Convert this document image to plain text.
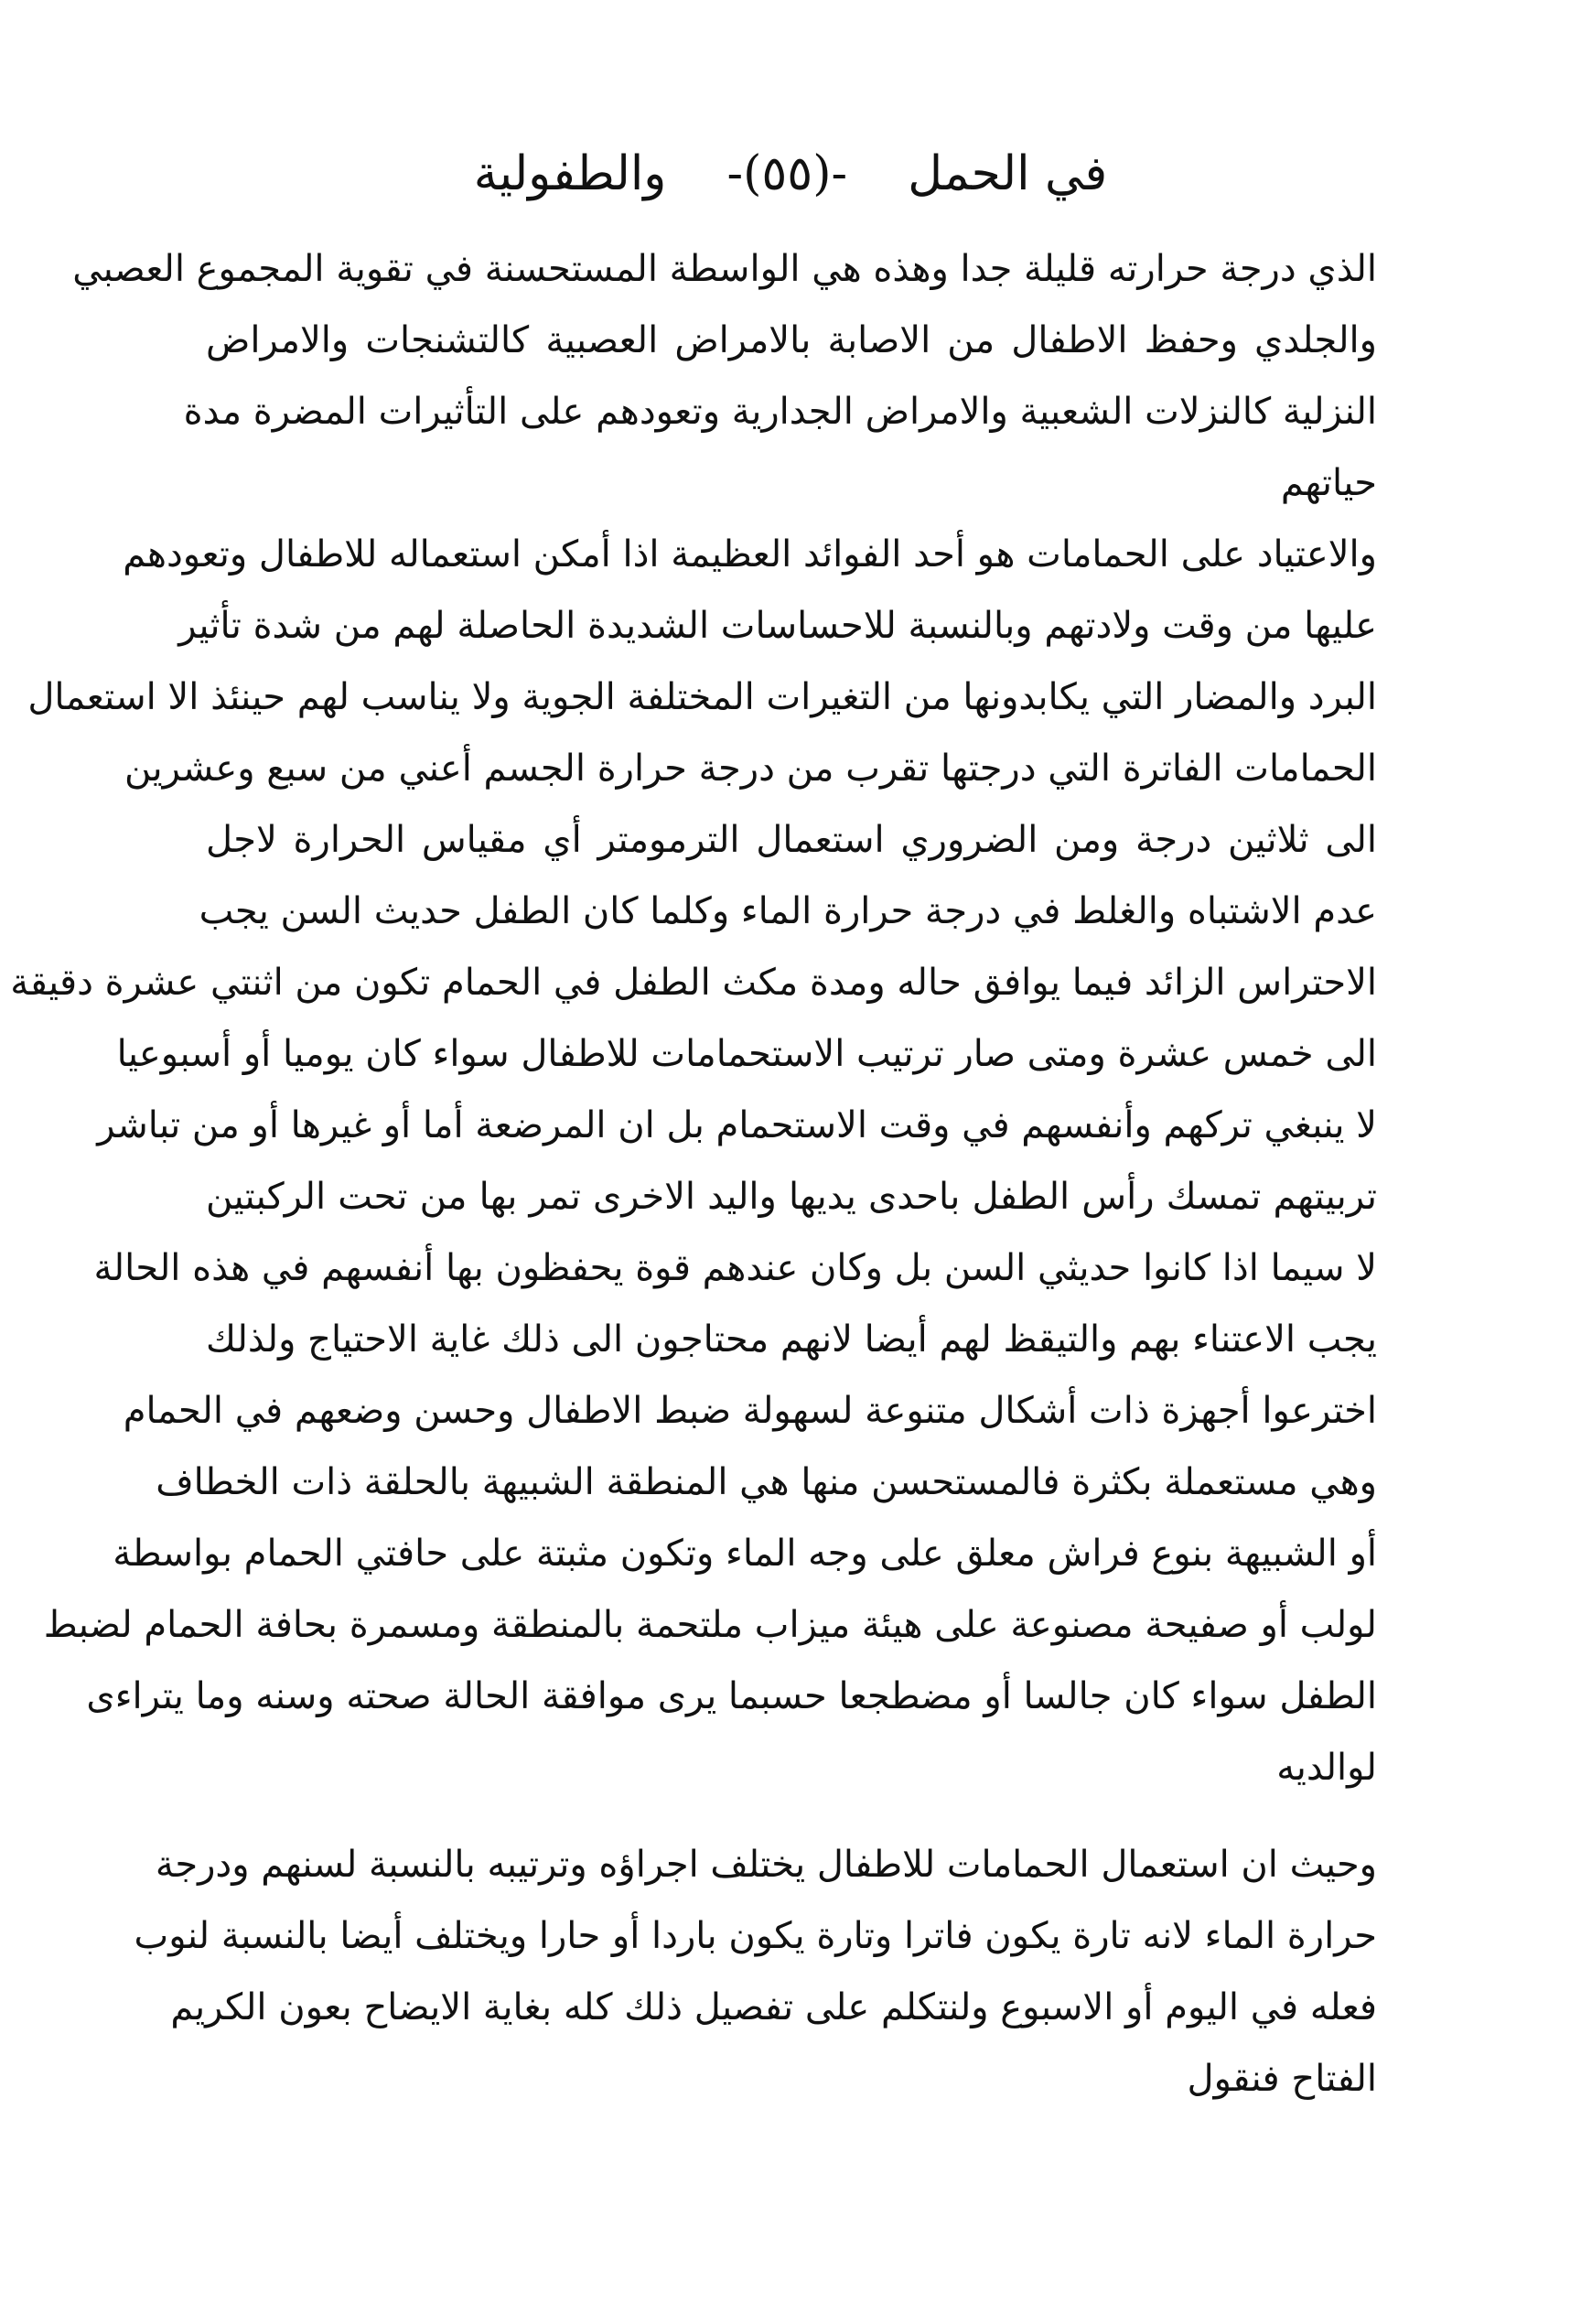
في الحمل    -(٥٥)-    والطفولية
الذي درجة حرارته قليلة جدا وهذه هي الواسطة المستحسنة في تقوية المجموع العصبي
والجلدي وحفظ الاطفال من الاصابة بالامراض العصبية كالتشنجات والامراض
النزلية كالنزلات الشعبية والامراض الجدارية وتعودهم على التأثيرات المضرة مدة
حياتهم
والاعتياد على الحمامات هو أحد الفوائد العظيمة اذا أمكن استعماله للاطفال وتعودهم
عليها من وقت ولادتهم وبالنسبة للاحساسات الشديدة الحاصلة لهم من شدة تأثير
البرد والمضار التي يكابدونها من التغيرات المختلفة الجوية ولا يناسب لهم حينئذ الا استعمال
الحمامات الفاترة التي درجتها تقرب من درجة حرارة الجسم أعني من سبع وعشرين
الى ثلاثين درجة ومن الضروري استعمال الترمومتر أي مقياس الحرارة لاجل
عدم الاشتباه والغلط في درجة حرارة الماء وكلما كان الطفل حديث السن يجب
الاحتراس الزائد فيما يوافق حاله ومدة مكث الطفل في الحمام تكون من اثنتي عشرة دقيقة
الى خمس عشرة ومتى صار ترتيب الاستحمامات للاطفال سواء كان يوميا أو أسبوعيا
لا ينبغي تركهم وأنفسهم في وقت الاستحمام بل ان المرضعة أما أو غيرها أو من تباشر
تربيتهم تمسك رأس الطفل باحدى يديها واليد الاخرى تمر بها من تحت الركبتين
لا سيما اذا كانوا حديثي السن بل وكان عندهم قوة يحفظون بها أنفسهم في هذه الحالة
يجب الاعتناء بهم والتيقظ لهم أيضا لانهم محتاجون الى ذلك غاية الاحتياج ولذلك
اخترعوا أجهزة ذات أشكال متنوعة لسهولة ضبط الاطفال وحسن وضعهم في الحمام
وهي مستعملة بكثرة فالمستحسن منها هي المنطقة الشبيهة بالحلقة ذات الخطاف
أو الشبيهة بنوع فراش معلق على وجه الماء وتكون مثبتة على حافتي الحمام بواسطة
لولب أو صفيحة مصنوعة على هيئة ميزاب ملتحمة بالمنطقة ومسمرة بحافة الحمام لضبط
الطفل سواء كان جالسا أو مضطجعا حسبما يرى موافقة الحالة صحته وسنه وما يتراءى
لوالديه
وحيث ان استعمال الحمامات للاطفال يختلف اجراؤه وترتيبه بالنسبة لسنهم ودرجة
حرارة الماء لانه تارة يكون فاترا وتارة يكون باردا أو حارا ويختلف أيضا بالنسبة لنوب
فعله في اليوم أو الاسبوع ولنتكلم على تفصيل ذلك كله بغاية الايضاح بعون الكريم
الفتاح فنقول
